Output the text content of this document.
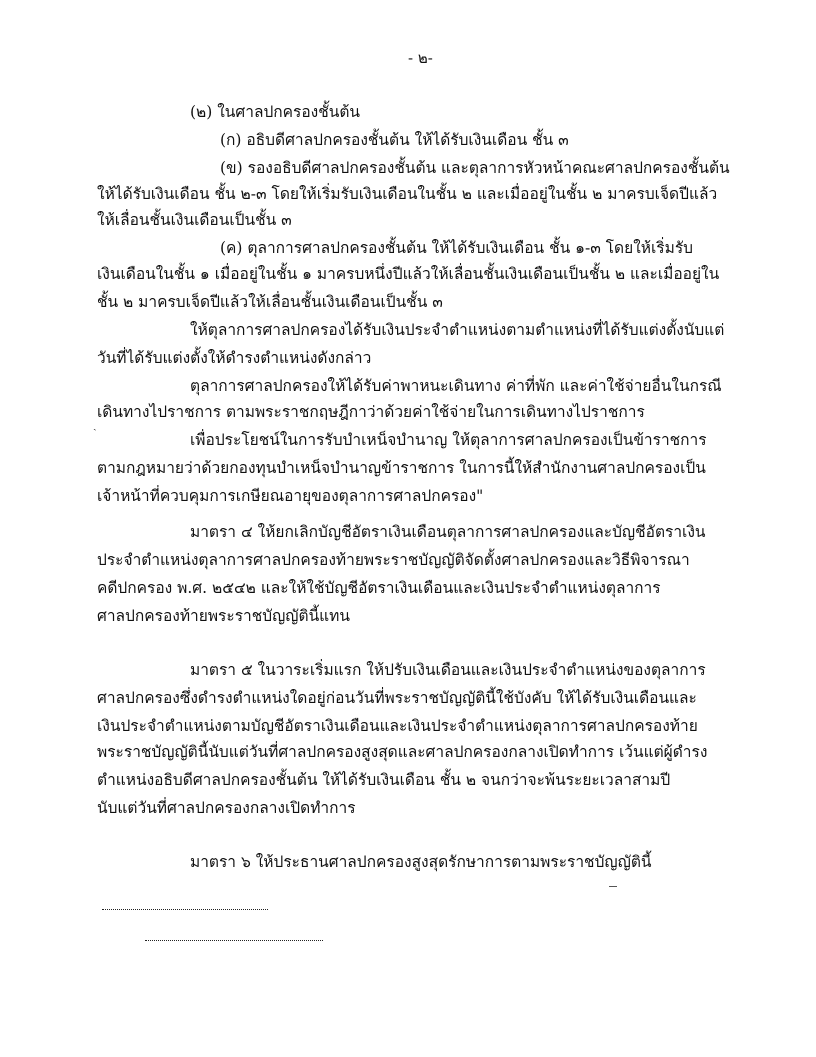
- ๒-
(๒) ในศาลปกครองชั้นต้น
(ก) อธิบดีศาลปกครองชั้นต้น ให้ได้รับเงินเดือน ชั้น ๓
(ข) รองอธิบดีศาลปกครองชั้นต้น และตุลาการหัวหน้าคณะศาลปกครองชั้นต้น
ให้ได้รับเงินเดือน ชั้น ๒-๓ โดยให้เริ่มรับเงินเดือนในชั้น ๒ และเมื่ออยู่ในชั้น ๒ มาครบเจ็ดปีแล้ว
ให้เลื่อนชั้นเงินเดือนเป็นชั้น ๓
(ค) ตุลาการศาลปกครองชั้นต้น ให้ได้รับเงินเดือน ชั้น ๑-๓ โดยให้เริ่มรับ
เงินเดือนในชั้น ๑ เมื่ออยู่ในชั้น ๑ มาครบหนึ่งปีแล้วให้เลื่อนชั้นเงินเดือนเป็นชั้น ๒ และเมื่ออยู่ใน
ชั้น ๒ มาครบเจ็ดปีแล้วให้เลื่อนชั้นเงินเดือนเป็นชั้น ๓
ให้ตุลาการศาลปกครองได้รับเงินประจำตำแหน่งตามตำแหน่งที่ได้รับแต่งตั้งนับแต่
วันที่ได้รับแต่งตั้งให้ดำรงตำแหน่งดังกล่าว
ตุลาการศาลปกครองให้ได้รับค่าพาหนะเดินทาง ค่าที่พัก และค่าใช้จ่ายอื่นในกรณี
เดินทางไปราชการ ตามพระราชกฤษฎีกาว่าด้วยค่าใช้จ่ายในการเดินทางไปราชการ
เพื่อประโยชน์ในการรับบำเหน็จบำนาญ ให้ตุลาการศาลปกครองเป็นข้าราชการ
ตามกฎหมายว่าด้วยกองทุนบำเหน็จบำนาญข้าราชการ ในการนี้ให้สำนักงานศาลปกครองเป็น
เจ้าหน้าที่ควบคุมการเกษียณอายุของตุลาการศาลปกครอง"
มาตรา ๔ ให้ยกเลิกบัญชีอัตราเงินเดือนตุลาการศาลปกครองและบัญชีอัตราเงิน
ประจำตำแหน่งตุลาการศาลปกครองท้ายพระราชบัญญัติจัดตั้งศาลปกครองและวิธีพิจารณา
คดีปกครอง พ.ศ. ๒๕๔๒ และให้ใช้บัญชีอัตราเงินเดือนและเงินประจำตำแหน่งตุลาการ
ศาลปกครองท้ายพระราชบัญญัตินี้แทน
มาตรา ๕ ในวาระเริ่มแรก ให้ปรับเงินเดือนและเงินประจำตำแหน่งของตุลาการ
ศาลปกครองซึ่งดำรงตำแหน่งใดอยู่ก่อนวันที่พระราชบัญญัตินี้ใช้บังคับ ให้ได้รับเงินเดือนและ
เงินประจำตำแหน่งตามบัญชีอัตราเงินเดือนและเงินประจำตำแหน่งตุลาการศาลปกครองท้าย
พระราชบัญญัตินี้นับแต่วันที่ศาลปกครองสูงสุดและศาลปกครองกลางเปิดทำการ เว้นแต่ผู้ดำรง
ตำแหน่งอธิบดีศาลปกครองชั้นต้น ให้ได้รับเงินเดือน ชั้น ๒ จนกว่าจะพ้นระยะเวลาสามปี
นับแต่วันที่ศาลปกครองกลางเปิดทำการ
มาตรา ๖ ให้ประธานศาลปกครองสูงสุดรักษาการตามพระราชบัญญัตินี้
ˎ
